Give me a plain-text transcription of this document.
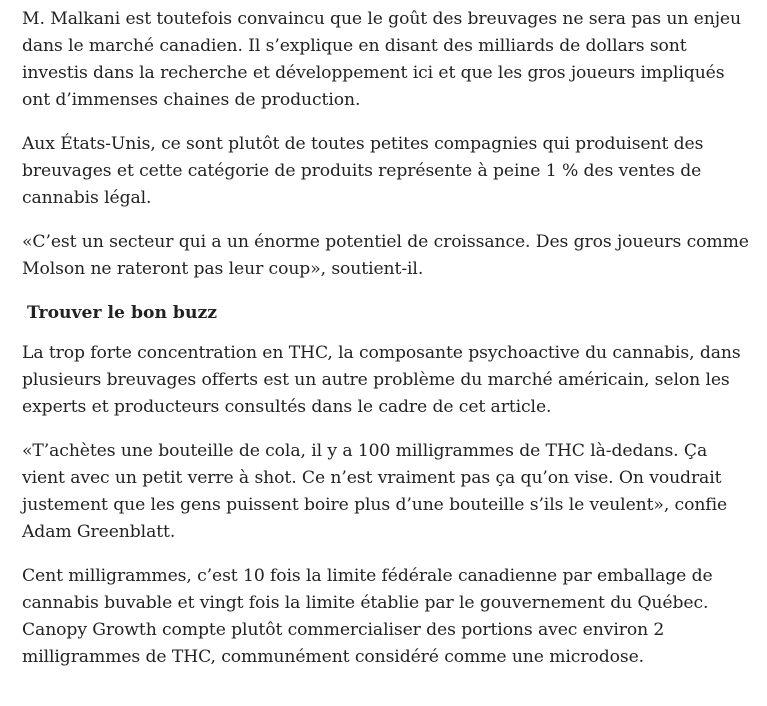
M. Malkani est toutefois convaincu que le goût des breuvages ne sera pas un enjeu dans le marché canadien. Il s’explique en disant des milliards de dollars sont investis dans la recherche et développement ici et que les gros joueurs impliqués ont d’immenses chaines de production.

Aux États-Unis, ce sont plutôt de toutes petites compagnies qui produisent des breuvages et cette catégorie de produits représente à peine 1 % des ventes de cannabis légal.

«C’est un secteur qui a un énorme potentiel de croissance. Des gros joueurs comme Molson ne rateront pas leur coup», soutient-il.

Trouver le bon buzz

La trop forte concentration en THC, la composante psychoactive du cannabis, dans plusieurs breuvages offerts est un autre problème du marché américain, selon les experts et producteurs consultés dans le cadre de cet article.

«T’achètes une bouteille de cola, il y a 100 milligrammes de THC là-dedans. Ça vient avec un petit verre à shot. Ce n’est vraiment pas ça qu’on vise. On voudrait justement que les gens puissent boire plus d’une bouteille s’ils le veulent», confie Adam Greenblatt.

Cent milligrammes, c’est 10 fois la limite fédérale canadienne par emballage de cannabis buvable et vingt fois la limite établie par le gouvernement du Québec. Canopy Growth compte plutôt commercialiser des portions avec environ 2 milligrammes de THC, communément considéré comme une microdose.
